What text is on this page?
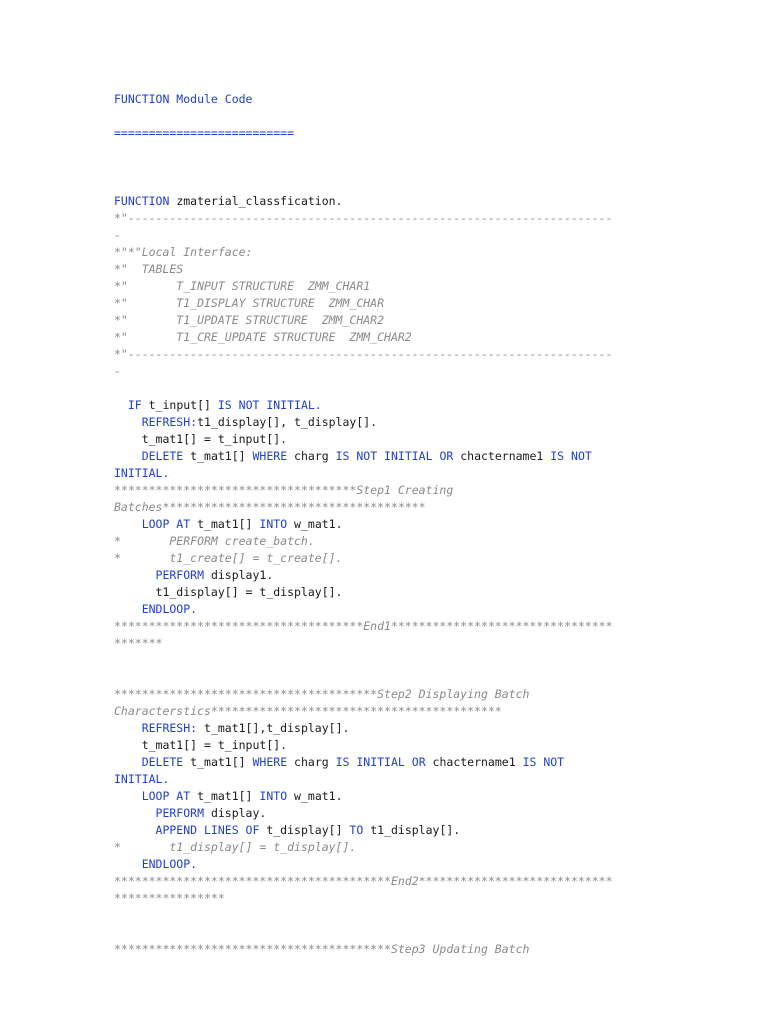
FUNCTION Module Code
==========================
FUNCTION zmaterial_classfication.
*"----------------------------------------------------------------------
-
*"*"Local Interface:
*"  TABLES
*"       T_INPUT STRUCTURE  ZMM_CHAR1
*"       T1_DISPLAY STRUCTURE  ZMM_CHAR
*"       T1_UPDATE STRUCTURE  ZMM_CHAR2
*"       T1_CRE_UPDATE STRUCTURE  ZMM_CHAR2
*"----------------------------------------------------------------------
-
IF t_input[] IS NOT INITIAL.
REFRESH:t1_display[], t_display[].
t_mat1[] = t_input[].
DELETE t_mat1[] WHERE charg IS NOT INITIAL OR chactername1 IS NOT
INITIAL.
***********************************Step1 Creating
Batches**************************************
LOOP AT t_mat1[] INTO w_mat1.
*       PERFORM create_batch.
*       t1_create[] = t_create[].
PERFORM display1.
t1_display[] = t_display[].
ENDLOOP.
************************************End1********************************
*******
**************************************Step2 Displaying Batch
Characterstics******************************************
REFRESH: t_mat1[],t_display[].
t_mat1[] = t_input[].
DELETE t_mat1[] WHERE charg IS INITIAL OR chactername1 IS NOT
INITIAL.
LOOP AT t_mat1[] INTO w_mat1.
PERFORM display.
APPEND LINES OF t_display[] TO t1_display[].
*       t1_display[] = t_display[].
ENDLOOP.
****************************************End2****************************
****************
****************************************Step3 Updating Batch
